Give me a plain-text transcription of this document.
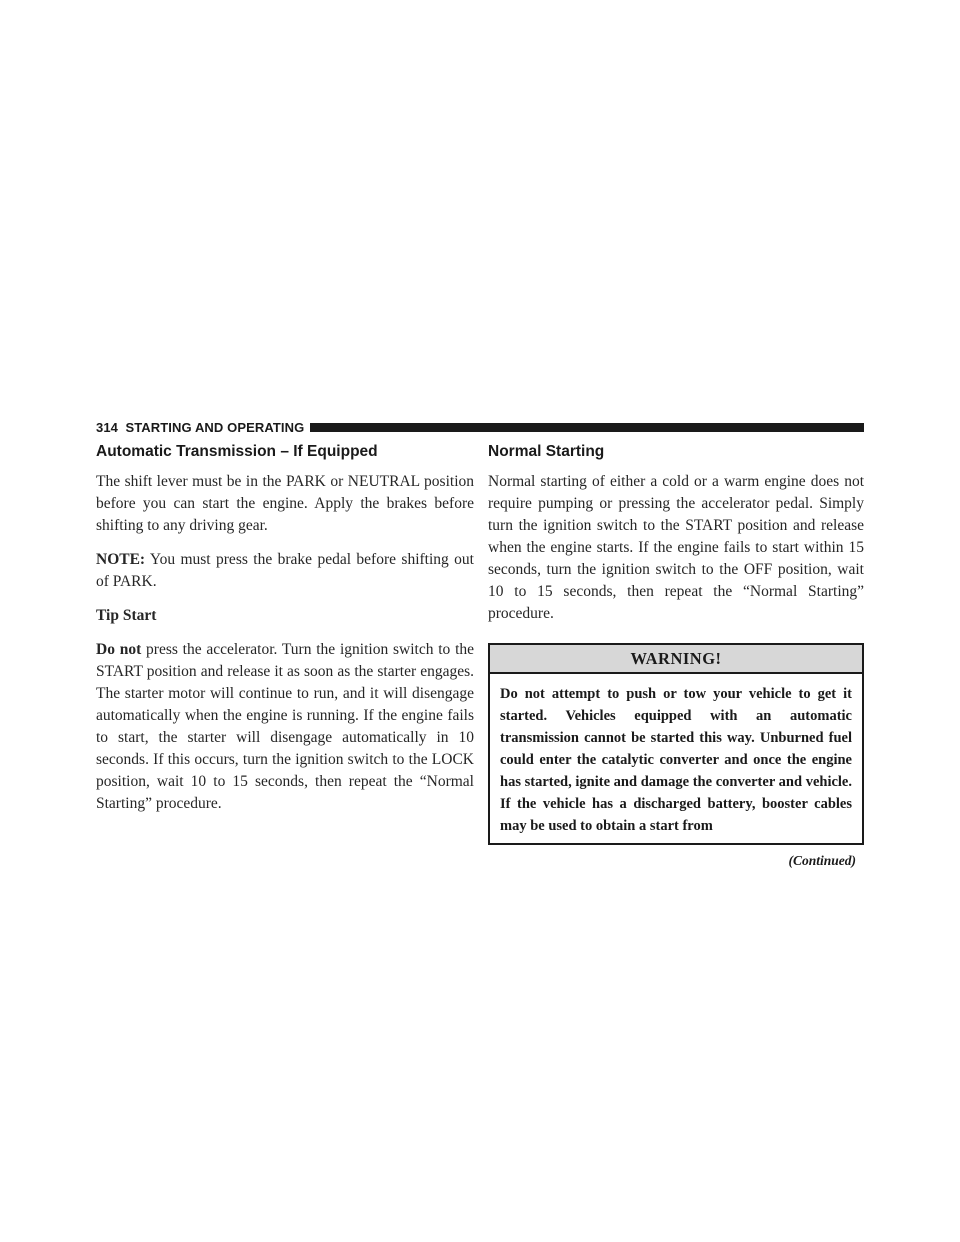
314 STARTING AND OPERATING
Automatic Transmission – If Equipped

The shift lever must be in the PARK or NEUTRAL position before you can start the engine. Apply the brakes before shifting to any driving gear.

NOTE: You must press the brake pedal before shifting out of PARK.

Tip Start

Do not press the accelerator. Turn the ignition switch to the START position and release it as soon as the starter engages. The starter motor will continue to run, and it will disengage automatically when the engine is running. If the engine fails to start, the starter will disengage automatically in 10 seconds. If this occurs, turn the ignition switch to the LOCK position, wait 10 to 15 seconds, then repeat the “Normal Starting” procedure.

Normal Starting

Normal starting of either a cold or a warm engine does not require pumping or pressing the accelerator pedal. Simply turn the ignition switch to the START position and release when the engine starts. If the engine fails to start within 15 seconds, turn the ignition switch to the OFF position, wait 10 to 15 seconds, then repeat the “Normal Starting” procedure.

WARNING!
Do not attempt to push or tow your vehicle to get it started. Vehicles equipped with an automatic transmission cannot be started this way. Unburned fuel could enter the catalytic converter and once the engine has started, ignite and damage the converter and vehicle. If the vehicle has a discharged battery, booster cables may be used to obtain a start from
(Continued)
